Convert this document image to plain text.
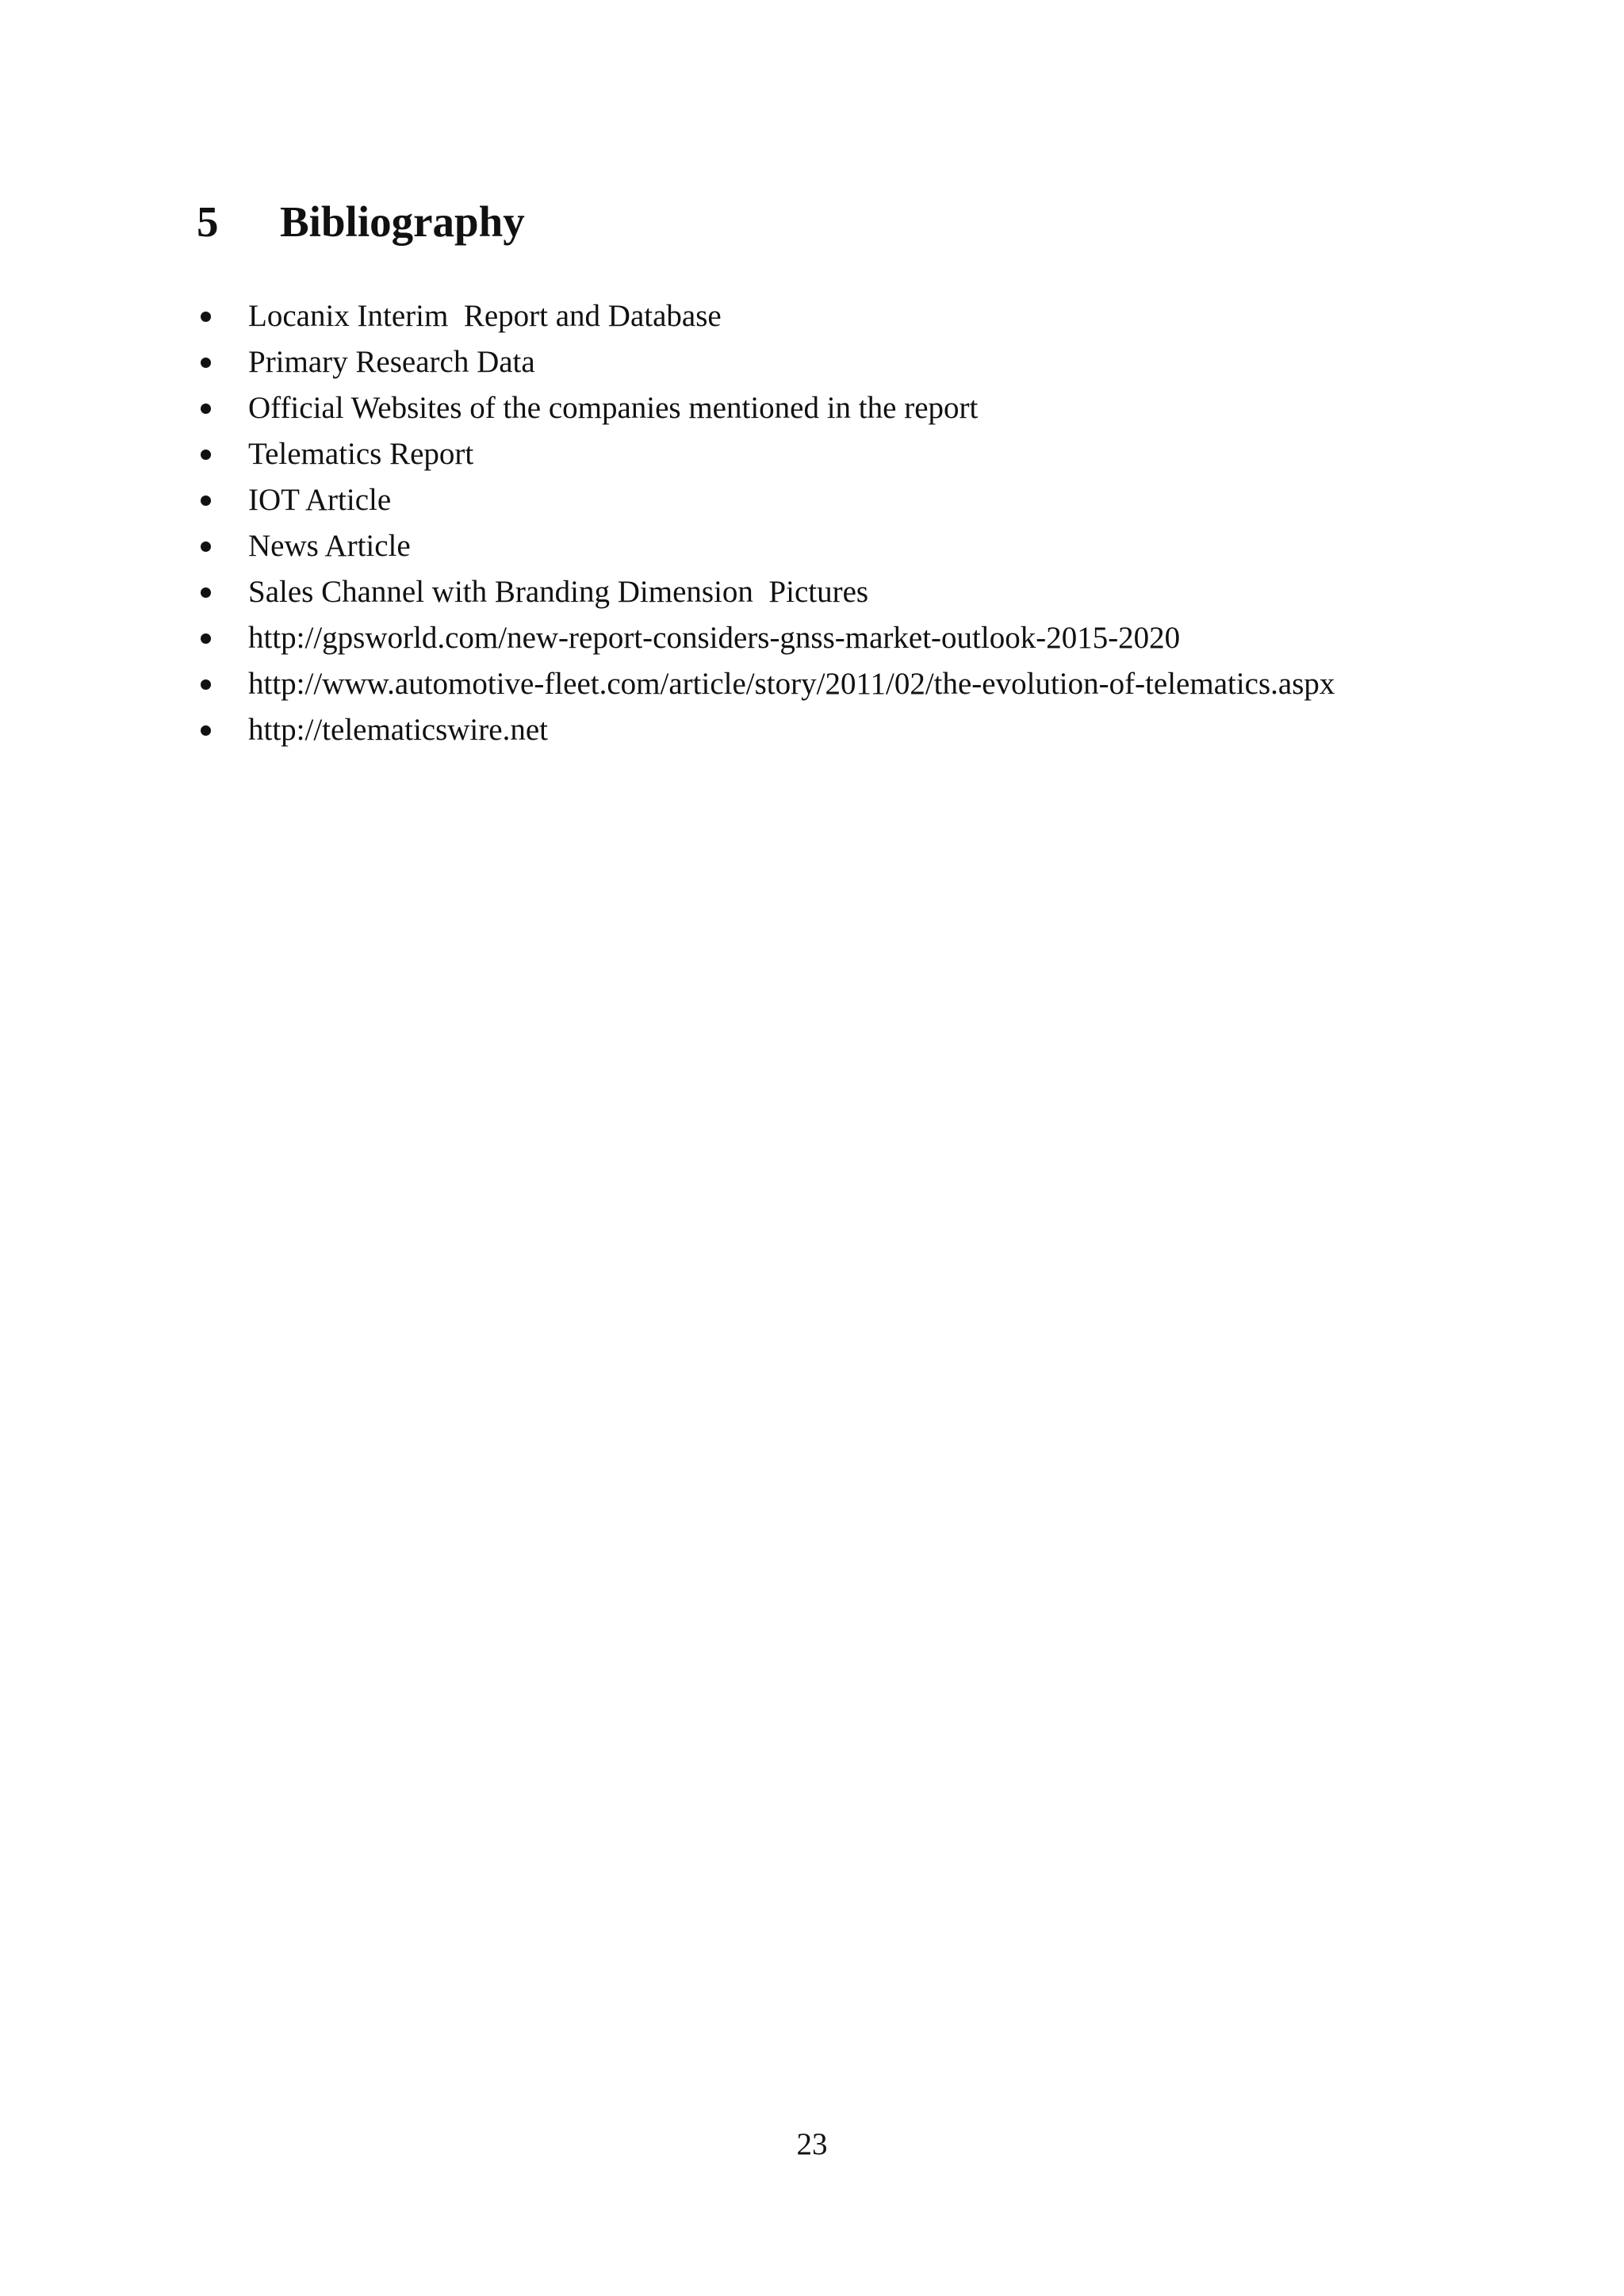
5 Bibliography
Locanix Interim  Report and Database
Primary Research Data
Official Websites of the companies mentioned in the report
Telematics Report
IOT Article
News Article
Sales Channel with Branding Dimension  Pictures
http://gpsworld.com/new-report-considers-gnss-market-outlook-2015-2020
http://www.automotive-fleet.com/article/story/2011/02/the-evolution-of-telematics.aspx
http://telematicswire.net
23
